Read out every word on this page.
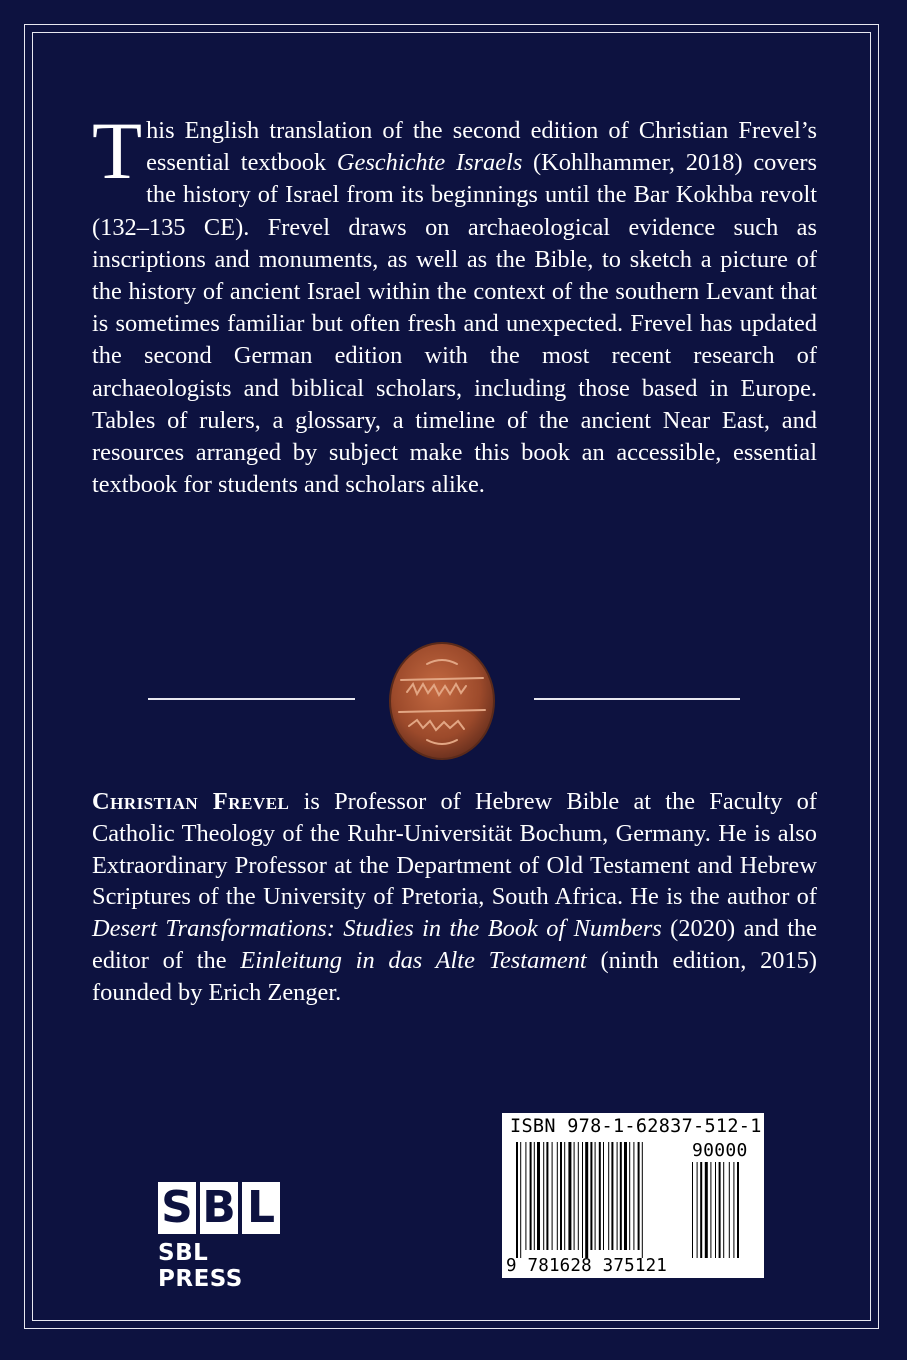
This English translation of the second edition of Christian Frevel’s essential textbook Geschichte Israels (Kohlhammer, 2018) covers the history of Israel from its beginnings until the Bar Kokhba revolt (132–135 CE). Frevel draws on archaeological evidence such as inscriptions and monuments, as well as the Bible, to sketch a picture of the history of ancient Israel within the context of the southern Levant that is sometimes familiar but often fresh and unexpected. Frevel has updated the second German edition with the most recent research of archaeologists and biblical scholars, including those based in Europe. Tables of rulers, a glossary, a timeline of the ancient Near East, and resources arranged by subject make this book an accessible, essential textbook for students and scholars alike.
Christian Frevel is Professor of Hebrew Bible at the Faculty of Catholic Theology of the Ruhr-Universität Bochum, Germany. He is also Extraordinary Professor at the Department of Old Testament and Hebrew Scriptures of the University of Pretoria, South Africa. He is the author of Desert Transformations: Studies in the Book of Numbers (2020) and the editor of the Einleitung in das Alte Testament (ninth edition, 2015) founded by Erich Zenger.
S B L
SBL PRESS
ISBN 978-1-62837-512-1
90000
9 781628 375121
